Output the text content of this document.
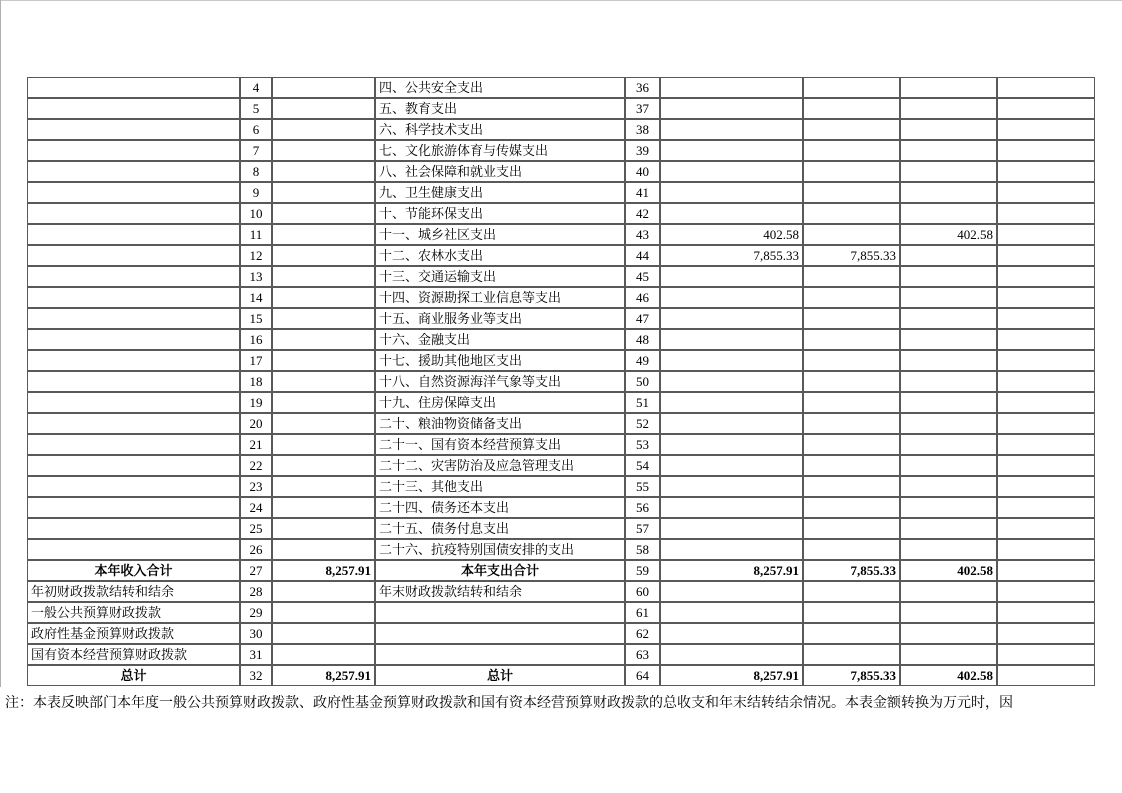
	4		四、公共安全支出	36				
	5		五、教育支出	37				
	6		六、科学技术支出	38				
	7		七、文化旅游体育与传媒支出	39				
	8		八、社会保障和就业支出	40				
	9		九、卫生健康支出	41				
	10		十、节能环保支出	42				
	11		十一、城乡社区支出	43	402.58		402.58	
	12		十二、农林水支出	44	7,855.33	7,855.33		
	13		十三、交通运输支出	45				
	14		十四、资源勘探工业信息等支出	46				
	15		十五、商业服务业等支出	47				
	16		十六、金融支出	48				
	17		十七、援助其他地区支出	49				
	18		十八、自然资源海洋气象等支出	50				
	19		十九、住房保障支出	51				
	20		二十、粮油物资储备支出	52				
	21		二十一、国有资本经营预算支出	53				
	22		二十二、灾害防治及应急管理支出	54				
	23		二十三、其他支出	55				
	24		二十四、债务还本支出	56				
	25		二十五、债务付息支出	57				
	26		二十六、抗疫特别国债安排的支出	58				
本年收入合计	27	8,257.91	本年支出合计	59	8,257.91	7,855.33	402.58	
年初财政拨款结转和结余	28		年末财政拨款结转和结余	60				
一般公共预算财政拨款	29			61				
政府性基金预算财政拨款	30			62				
国有资本经营预算财政拨款	31			63				
总计	32	8,257.91	总计	64	8,257.91	7,855.33	402.58	
注：本表反映部门本年度一般公共预算财政拨款、政府性基金预算财政拨款和国有资本经营预算财政拨款的总收支和年末结转结余情况。本表金额转换为万元时，因
